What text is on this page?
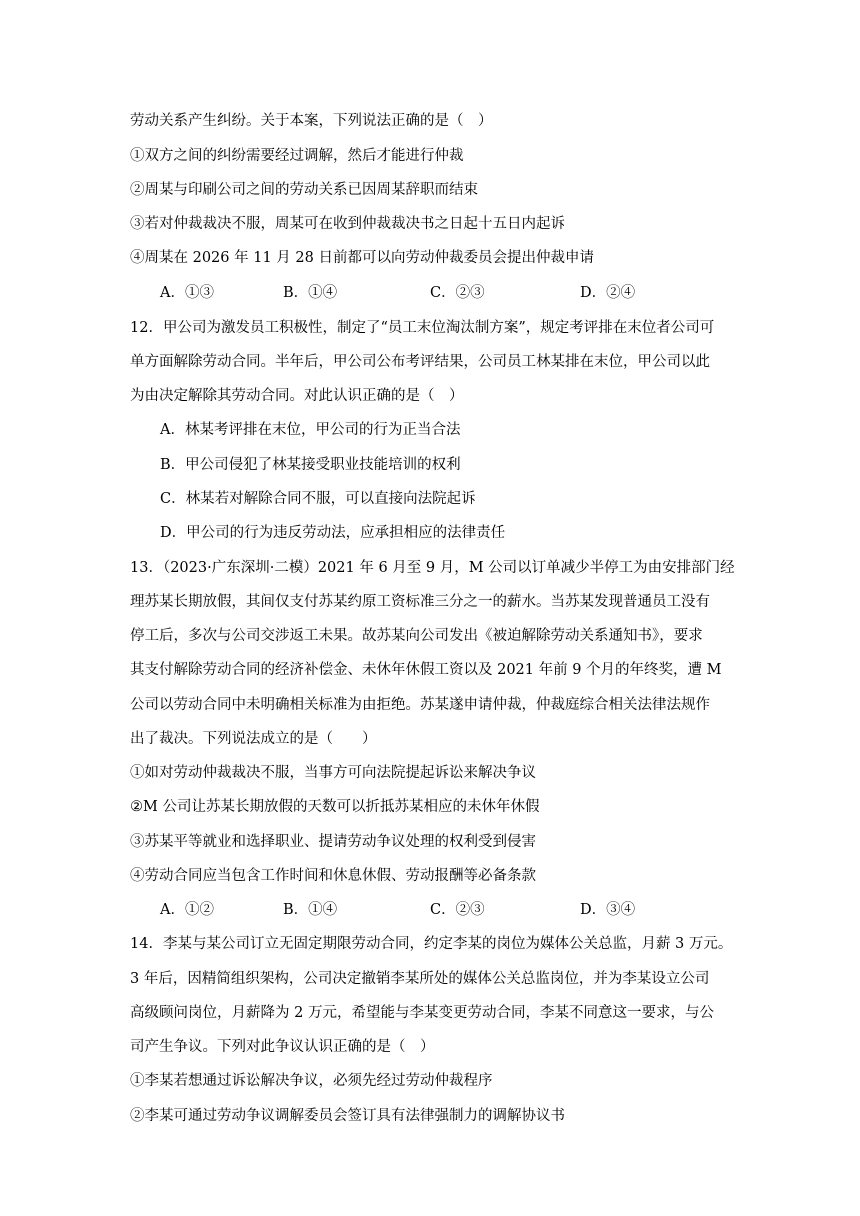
劳动关系产生纠纷。关于本案，下列说法正确的是（　）
①双方之间的纠纷需要经过调解，然后才能进行仲裁
②周某与印刷公司之间的劳动关系已因周某辞职而结束
③若对仲裁裁决不服，周某可在收到仲裁裁决书之日起十五日内起诉
④周某在 2026 年 11 月 28 日前都可以向劳动仲裁委员会提出仲裁申请
A．①③	B．①④	C．②③	D．②④
12．甲公司为激发员工积极性，制定了“员工末位淘汰制方案”，规定考评排在末位者公司可
单方面解除劳动合同。半年后，甲公司公布考评结果，公司员工林某排在末位，甲公司以此
为由决定解除其劳动合同。对此认识正确的是（　）
A．林某考评排在末位，甲公司的行为正当合法
B．甲公司侵犯了林某接受职业技能培训的权利
C．林某若对解除合同不服，可以直接向法院起诉
D．甲公司的行为违反劳动法，应承担相应的法律责任
13．（2023·广东深圳·二模）2021 年 6 月至 9 月，M 公司以订单减少半停工为由安排部门经
理苏某长期放假，其间仅支付苏某约原工资标准三分之一的薪水。当苏某发现普通员工没有
停工后，多次与公司交涉返工未果。故苏某向公司发出《被迫解除劳动关系通知书》，要求
其支付解除劳动合同的经济补偿金、未休年休假工资以及 2021 年前 9 个月的年终奖，遭 M
公司以劳动合同中未明确相关标准为由拒绝。苏某遂申请仲裁，仲裁庭综合相关法律法规作
出了裁决。下列说法成立的是（　　）
①如对劳动仲裁裁决不服，当事方可向法院提起诉讼来解决争议
②M 公司让苏某长期放假的天数可以折抵苏某相应的未休年休假
③苏某平等就业和选择职业、提请劳动争议处理的权利受到侵害
④劳动合同应当包含工作时间和休息休假、劳动报酬等必备条款
A．①②	B．①④	C．②③	D．③④
14．李某与某公司订立无固定期限劳动合同，约定李某的岗位为媒体公关总监，月薪 3 万元。
3 年后，因精简组织架构，公司决定撤销李某所处的媒体公关总监岗位，并为李某设立公司
高级顾问岗位，月薪降为 2 万元，希望能与李某变更劳动合同，李某不同意这一要求，与公
司产生争议。下列对此争议认识正确的是（　）
①李某若想通过诉讼解决争议，必须先经过劳动仲裁程序
②李某可通过劳动争议调解委员会签订具有法律强制力的调解协议书
